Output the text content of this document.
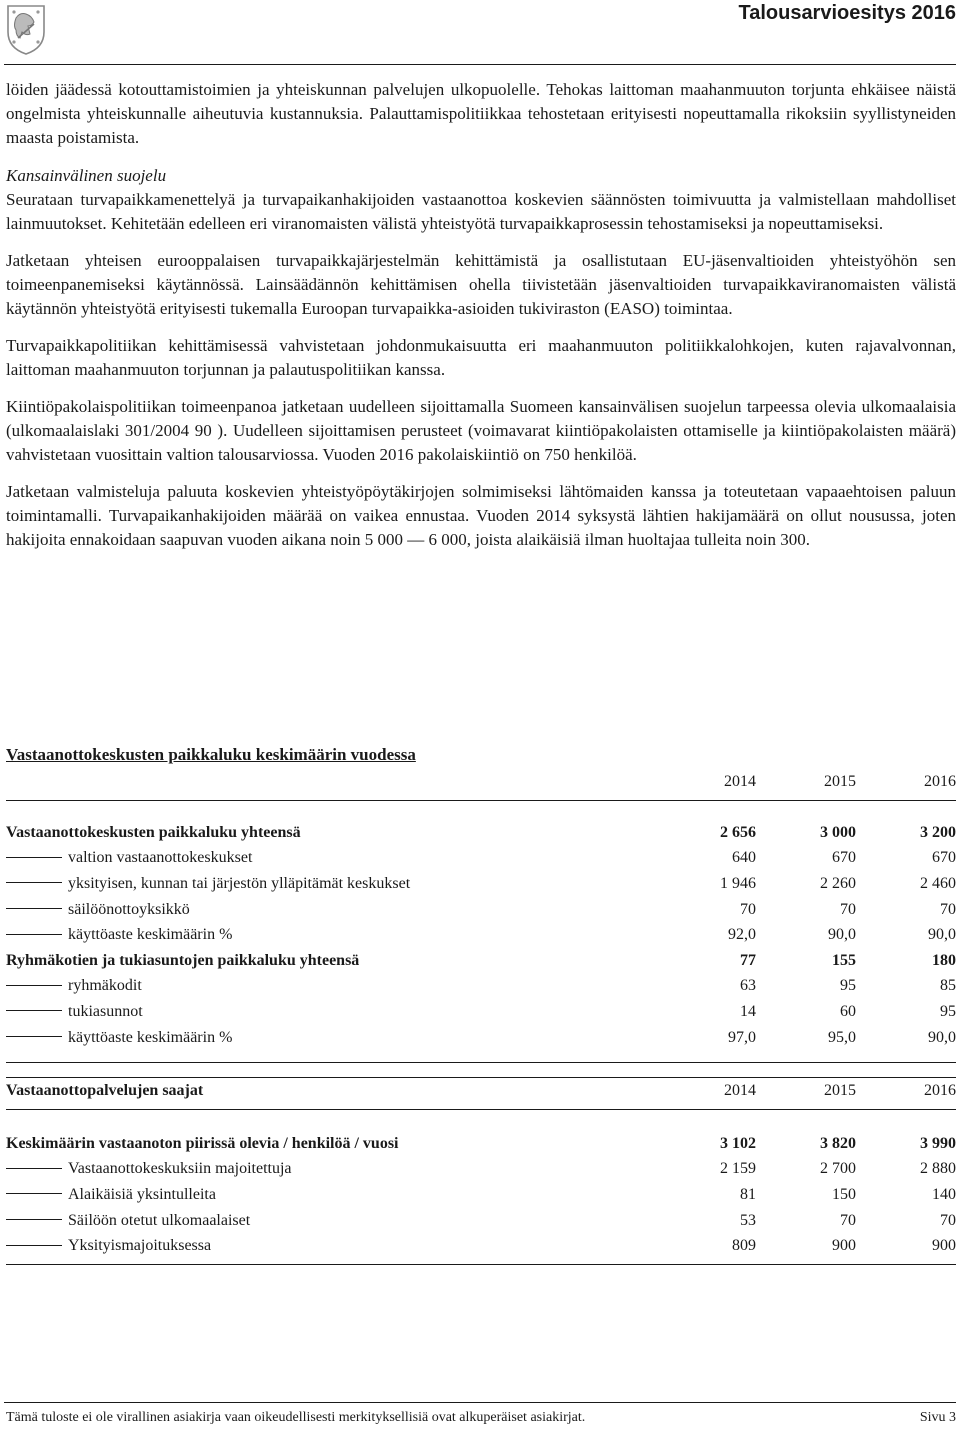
Talousarvioesitys 2016

löiden jäädessä kotouttamistoimien ja yhteiskunnan palvelujen ulkopuolelle. Tehokas laittoman maahanmuuton torjunta ehkäisee näistä ongelmista yhteiskunnalle aiheutuvia kustannuksia. Palauttamispolitiikkaa tehostetaan erityisesti nopeuttamalla rikoksiin syyllistyneiden maasta poistamista.

Kansainvälinen suojelu
Seurataan turvapaikkamenettelyä ja turvapaikanhakijoiden vastaanottoa koskevien säännösten toimivuutta ja valmistellaan mahdolliset lainmuutokset. Kehitetään edelleen eri viranomaisten välistä yhteistyötä turvapaikkaprosessin tehostamiseksi ja nopeuttamiseksi.

Jatketaan yhteisen eurooppalaisen turvapaikkajärjestelmän kehittämistä ja osallistutaan EU-jäsenvaltioiden yhteistyöhön sen toimeenpanemiseksi käytännössä. Lainsäädännön kehittämisen ohella tiivistetään jäsenvaltioiden turvapaikkaviranomaisten välistä käytännön yhteistyötä erityisesti tukemalla Euroopan turvapaikka-asioiden tukiviraston (EASO) toimintaa.

Turvapaikkapolitiikan kehittämisessä vahvistetaan johdonmukaisuutta eri maahanmuuton politiikkalohkojen, kuten rajavalvonnan, laittoman maahanmuuton torjunnan ja palautuspolitiikan kanssa.

Kiintiöpakolaispolitiikan toimeenpanoa jatketaan uudelleen sijoittamalla Suomeen kansainvälisen suojelun tarpeessa olevia ulkomaalaisia (ulkomaalaislaki 301/2004 90 ). Uudelleen sijoittamisen perusteet (voimavarat kiintiöpakolaisten ottamiselle ja kiintiöpakolaisten määrä) vahvistetaan vuosittain valtion talousarviossa. Vuoden 2016 pakolaiskiintiö on 750 henkilöä.

Jatketaan valmisteluja paluuta koskevien yhteistyöpöytäkirjojen solmimiseksi lähtömaiden kanssa ja toteutetaan vapaaehtoisen paluun toimintamalli. Turvapaikanhakijoiden määrää on vaikea ennustaa. Vuoden 2014 syksystä lähtien hakijamäärä on ollut nousussa, joten hakijoita ennakoidaan saapuvan vuoden aikana noin 5 000 — 6 000, joista alaikäisiä ilman huoltajaa tulleita noin 300.

Vastaanottokeskusten paikkaluku keskimäärin vuodessa
	2014	2015	2016
Vastaanottokeskusten paikkaluku yhteensä	2 656	3 000	3 200
valtion vastaanottokeskukset	640	670	670
yksityisen, kunnan tai järjestön ylläpitämät keskukset	1 946	2 260	2 460
säilöönottoyksikkö	70	70	70
käyttöaste keskimäärin %	92,0	90,0	90,0
Ryhmäkotien ja tukiasuntojen paikkaluku yhteensä	77	155	180
ryhmäkodit	63	95	85
tukiasunnot	14	60	95
käyttöaste keskimäärin %	97,0	95,0	90,0
Vastaanottopalvelujen saajat	2014	2015	2016
Keskimäärin vastaanoton piirissä olevia / henkilöä / vuosi	3 102	3 820	3 990
Vastaanottokeskuksiin majoitettuja	2 159	2 700	2 880
Alaikäisiä yksintulleita	81	150	140
Säilöön otetut ulkomaalaiset	53	70	70
Yksityismajoituksessa	809	900	900
Tämä tuloste ei ole virallinen asiakirja vaan oikeudellisesti merkityksellisiä ovat alkuperäiset asiakirjat.	Sivu 3
